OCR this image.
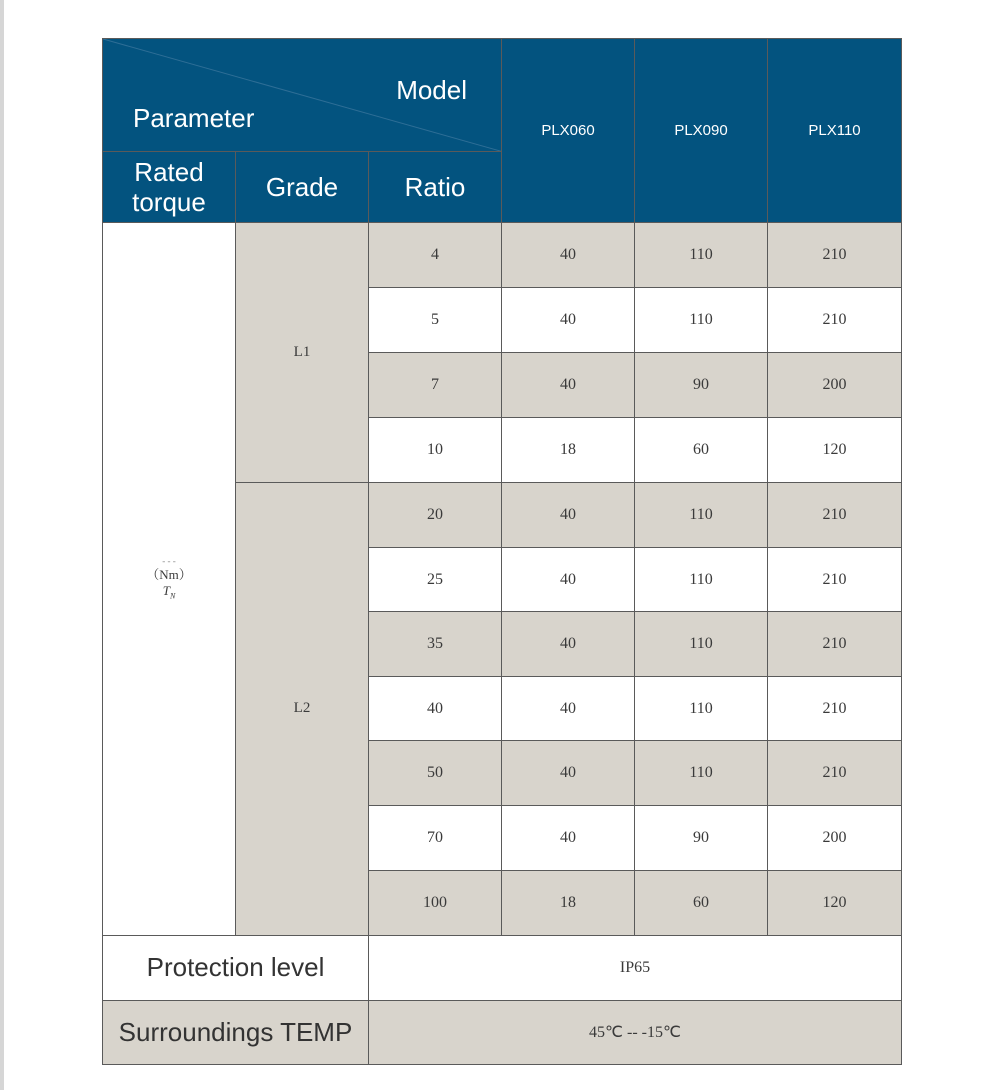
Model
Parameter			PLX060	PLX090	PLX110
Rated
torque	Grade	Ratio			

- - -
（Nm）
$T_N$	L1	4	40	110	210
		5	40	110	210
		7	40	90	200
		10	18	60	120
	L2	20	40	110	210
		25	40	110	210
		35	40	110	210
		40	40	110	210
		50	40	110	210
		70	40	90	200
		100	18	60	120
Protection level		IP65			
Surroundings TEMP		45℃ -- -15℃			
